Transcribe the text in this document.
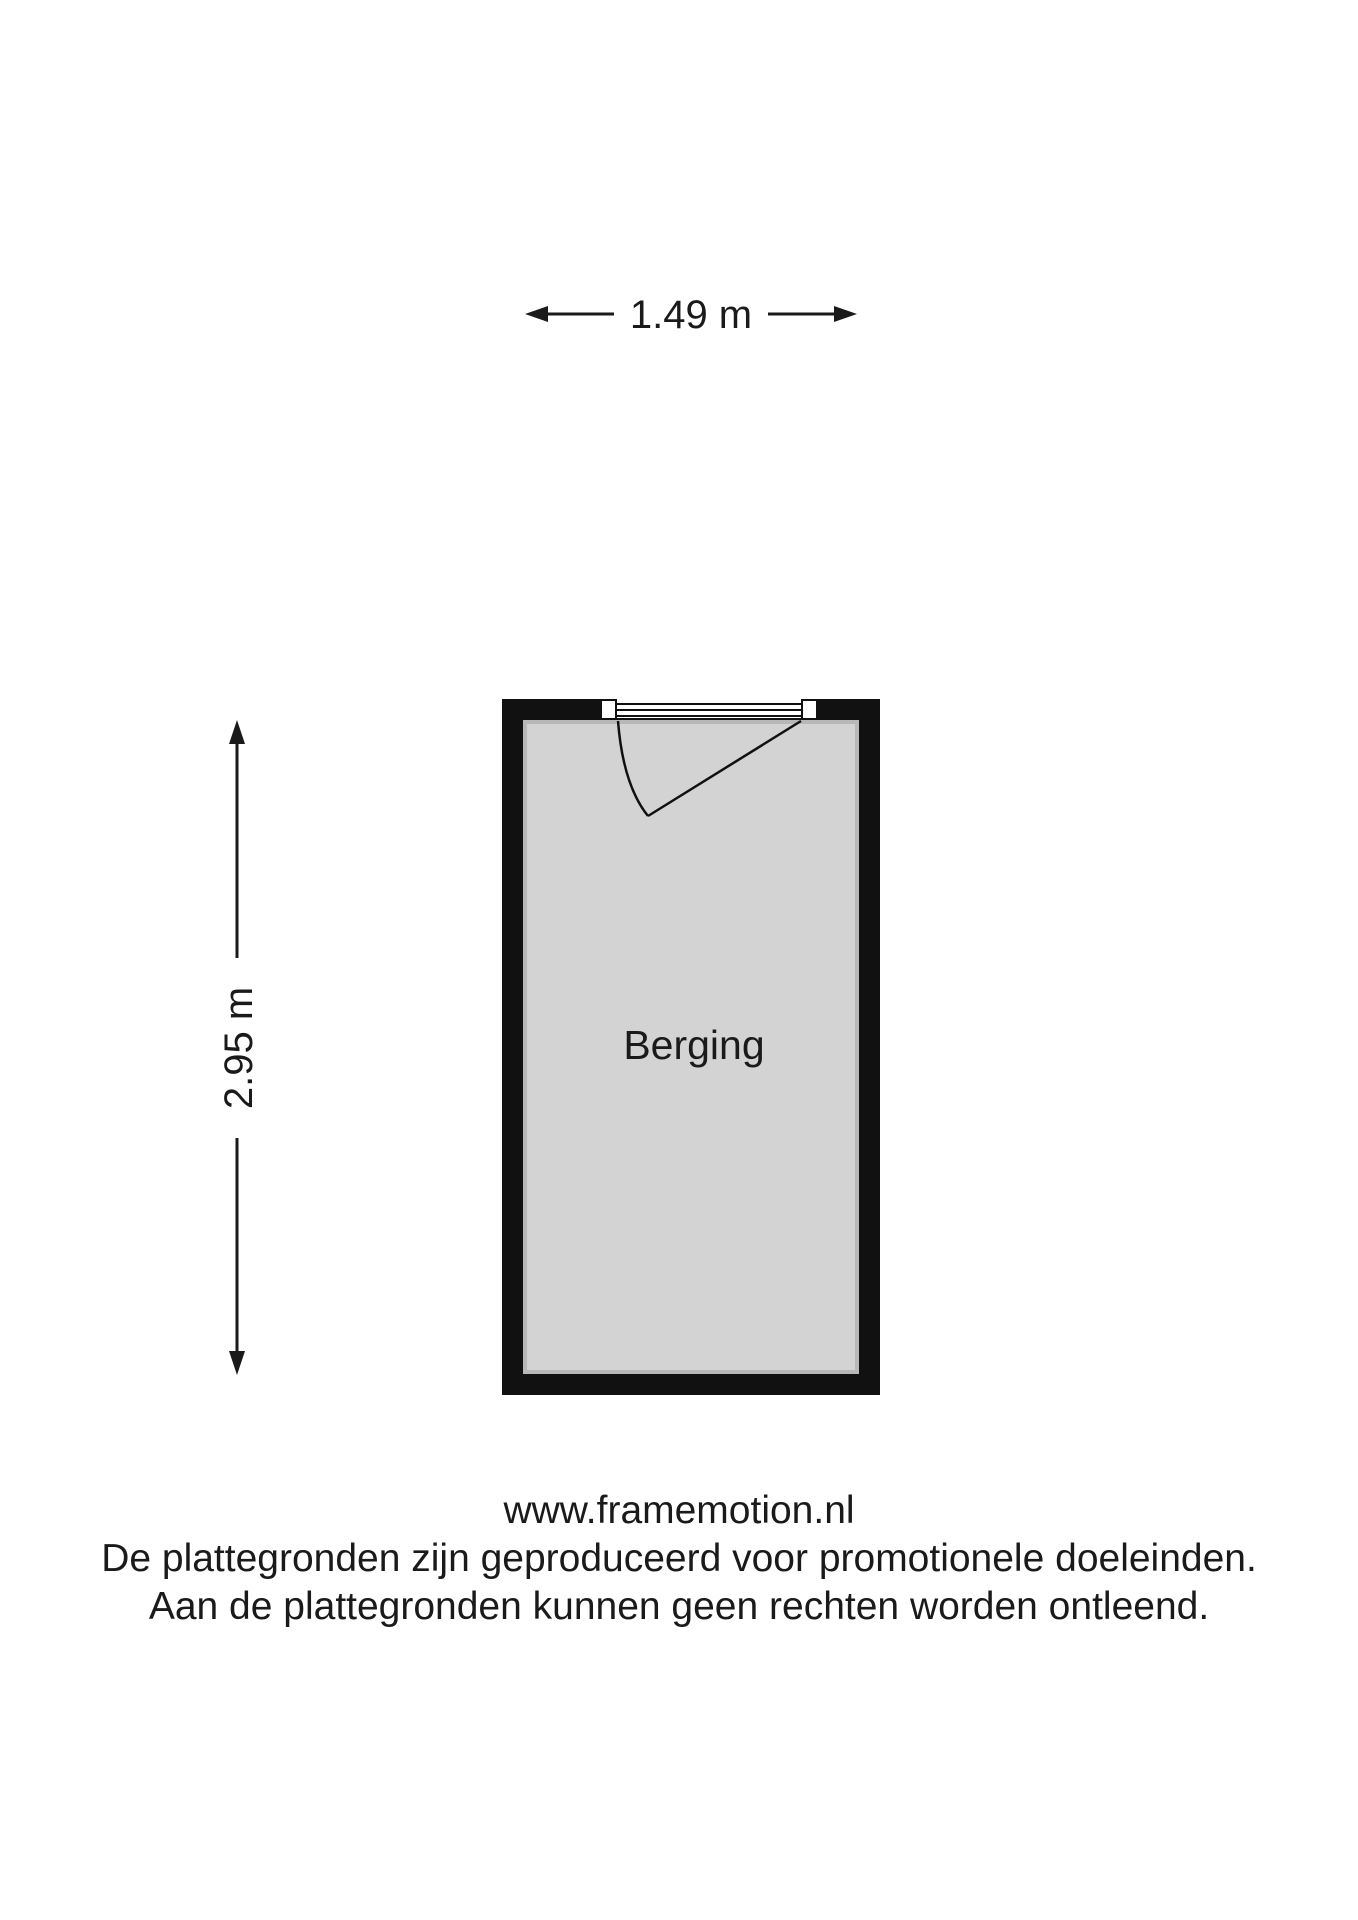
1.49 m
2.95 m	Berging
www.framemotion.nl
De plattegronden zijn geproduceerd voor promotionele doeleinden.
Aan de plattegronden kunnen geen rechten worden ontleend.
